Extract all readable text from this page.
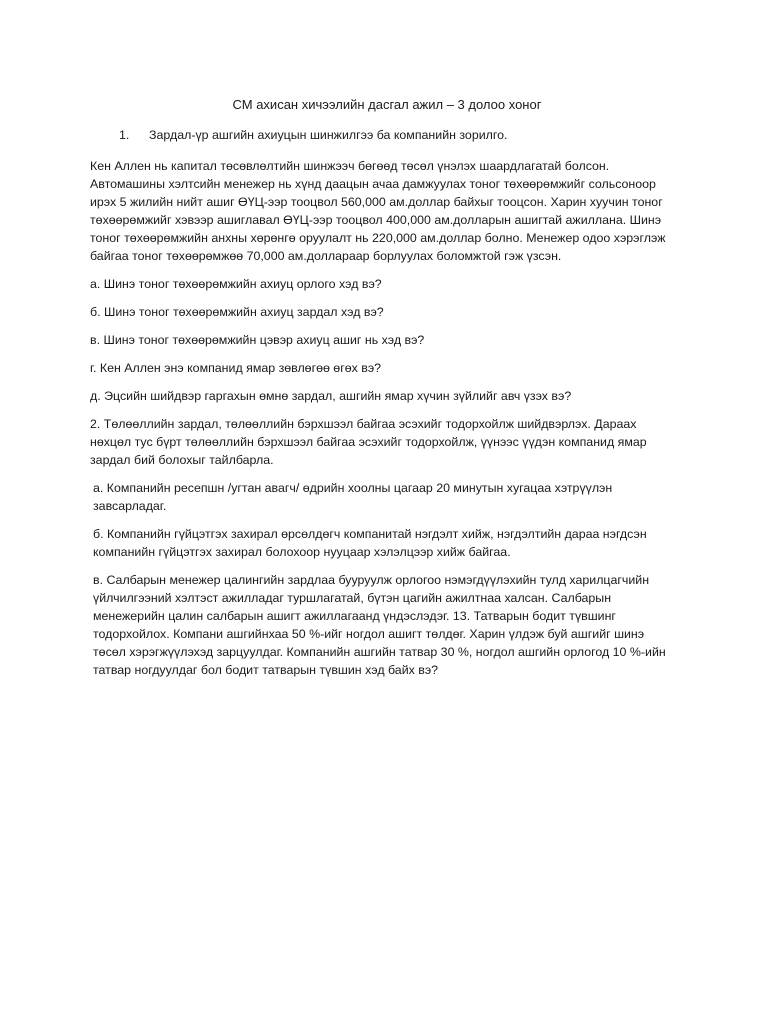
СМ ахисан хичээлийн дасгал ажил – 3 долоо хоног
1.	Зардал-үр ашгийн ахиуцын шинжилгээ ба компанийн зорилго.

Кен Аллен нь капитал төсөвлөлтийн шинжээч бөгөөд төсөл үнэлэх шаардлагатай болсон. Автомашины хэлтсийн менежер нь хүнд даацын ачаа дамжуулах тоног төхөөрөмжийг сольсоноор ирэх 5 жилийн нийт ашиг ӨҮЦ-ээр тооцвол 560,000 ам.доллар байхыг тооцсон. Харин хуучин тоног төхөөрөмжийг хэвээр ашиглавал ӨҮЦ-ээр тооцвол 400,000 ам.долларын ашигтай ажиллана. Шинэ тоног төхөөрөмжийн анхны хөрөнгө оруулалт нь 220,000 ам.доллар болно. Менежер одоо хэрэглэж байгаа тоног төхөөрөмжөө 70,000 ам.доллараар борлуулах боломжтой гэж үзсэн.

а. Шинэ тоног төхөөрөмжийн ахиуц орлого хэд вэ?

б. Шинэ тоног төхөөрөмжийн ахиуц зардал хэд вэ?

в. Шинэ тоног төхөөрөмжийн цэвэр ахиуц ашиг нь хэд вэ?

г. Кен Аллен энэ компанид ямар зөвлөгөө өгөх вэ?

д. Эцсийн шийдвэр гаргахын өмнө зардал, ашгийн ямар хүчин зүйлийг авч үзэх вэ?

2. Төлөөллийн зардал, төлөөллийн бэрхшээл байгаа эсэхийг тодорхойлж шийдвэрлэх. Дараах нөхцөл тус бүрт төлөөллийн бэрхшээл байгаа эсэхийг тодорхойлж, үүнээс үүдэн компанид ямар зардал бий болохыг тайлбарла.

а. Компанийн ресепшн /угтан авагч/ өдрийн хоолны цагаар 20 минутын хугацаа хэтрүүлэн завсарладаг.

б. Компанийн гүйцэтгэх захирал өрсөлдөгч компанитай нэгдэлт хийж, нэгдэлтийн дараа нэгдсэн компанийн гүйцэтгэх захирал болохоор нууцаар хэлэлцээр хийж байгаа.

в. Салбарын менежер цалингийн зардлаа бууруулж орлогоо нэмэгдүүлэхийн тулд харилцагчийн үйлчилгээний хэлтэст ажилладаг туршлагатай, бүтэн цагийн ажилтнаа халсан. Салбарын менежерийн цалин салбарын ашигт ажиллагаанд үндэслэдэг. 13. Татварын бодит түвшинг тодорхойлох. Компани ашгийнхаа 50 %-ийг ногдол ашигт төлдөг. Харин үлдэж буй ашгийг шинэ төсөл хэрэгжүүлэхэд зарцуулдаг. Компанийн ашгийн татвар 30 %, ногдол ашгийн орлогод 10 %-ийн татвар ногдуулдаг бол бодит татварын түвшин хэд байх вэ?
